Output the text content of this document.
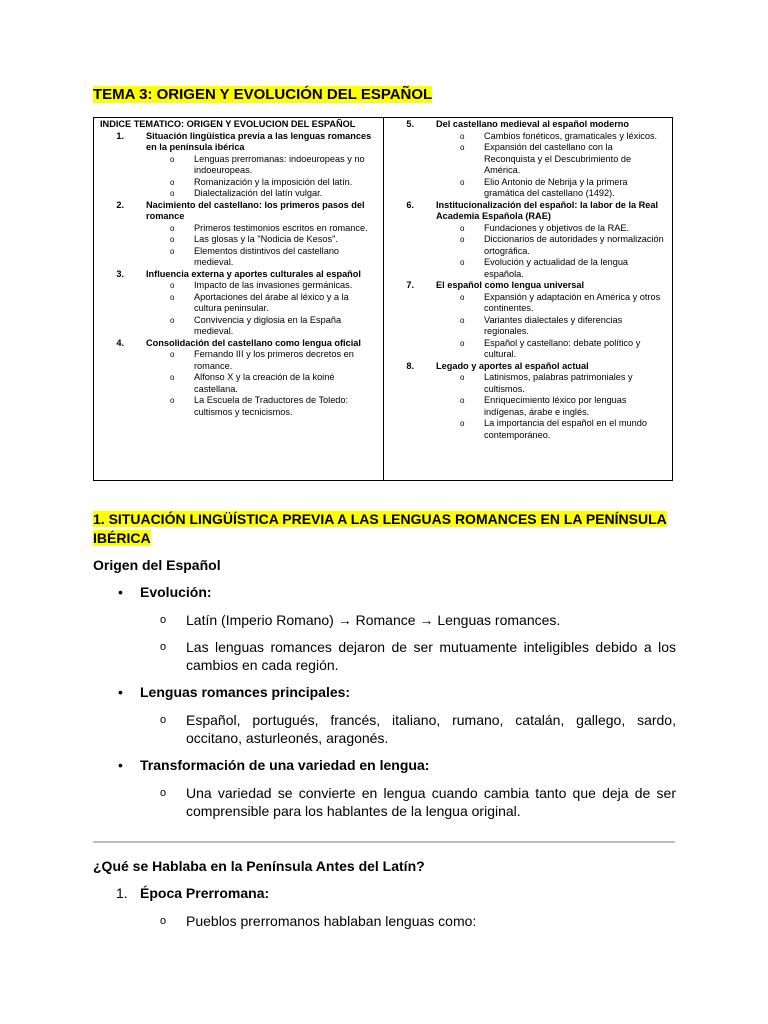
TEMA 3: ORIGEN Y EVOLUCIÓN DEL ESPAÑOL
INDICE TEMATICO: ORIGEN Y EVOLUCION DEL ESPAÑOL
1.	Situación lingüística previa a las lenguas romances en la península ibérica
o	Lenguas prerromanas: indoeuropeas y no indoeuropeas.
o	Romanización y la imposición del latín.
o	Dialectalización del latín vulgar.
2.	Nacimiento del castellano: los primeros pasos del romance
o	Primeros testimonios escritos en romance.
o	Las glosas y la "Nodicia de Kesos".
o	Elementos distintivos del castellano medieval.
3.	Influencia externa y aportes culturales al español
o	Impacto de las invasiones germánicas.
o	Aportaciones del árabe al léxico y a la cultura peninsular.
o	Convivencia y diglosia en la España medieval.
4.	Consolidación del castellano como lengua oficial
o	Fernando III y los primeros decretos en romance.
o	Alfonso X y la creación de la koiné castellana.
o	La Escuela de Traductores de Toledo: cultismos y tecnicismos.
5.	Del castellano medieval al español moderno
o	Cambios fonéticos, gramaticales y léxicos.
o	Expansión del castellano con la Reconquista y el Descubrimiento de América.
o	Elio Antonio de Nebrija y la primera gramática del castellano (1492).
6.	Institucionalización del español: la labor de la Real Academia Española (RAE)
o	Fundaciones y objetivos de la RAE.
o	Diccionarios de autoridades y normalización ortográfica.
o	Evolución y actualidad de la lengua española.
7.	El español como lengua universal
o	Expansión y adaptación en América y otros continentes.
o	Variantes dialectales y diferencias regionales.
o	Español y castellano: debate político y cultural.
8.	Legado y aportes al español actual
o	Latinismos, palabras patrimoniales y cultismos.
o	Enriquecimiento léxico por lenguas indígenas, árabe e inglés.
o	La importancia del español en el mundo contemporáneo.
1. SITUACIÓN LINGÜÍSTICA PREVIA A LAS LENGUAS ROMANCES EN LA PENÍNSULA IBÉRICA
Origen del Español
• Evolución:
o	Latín (Imperio Romano) → Romance → Lenguas romances.
o	Las lenguas romances dejaron de ser mutuamente inteligibles debido a los cambios en cada región.
• Lenguas romances principales:
o	Español, portugués, francés, italiano, rumano, catalán, gallego, sardo, occitano, asturleonés, aragonés.
• Transformación de una variedad en lengua:
o	Una variedad se convierte en lengua cuando cambia tanto que deja de ser comprensible para los hablantes de la lengua original.
¿Qué se Hablaba en la Península Antes del Latín?
1. Época Prerromana:
o	Pueblos prerromanos hablaban lenguas como:
